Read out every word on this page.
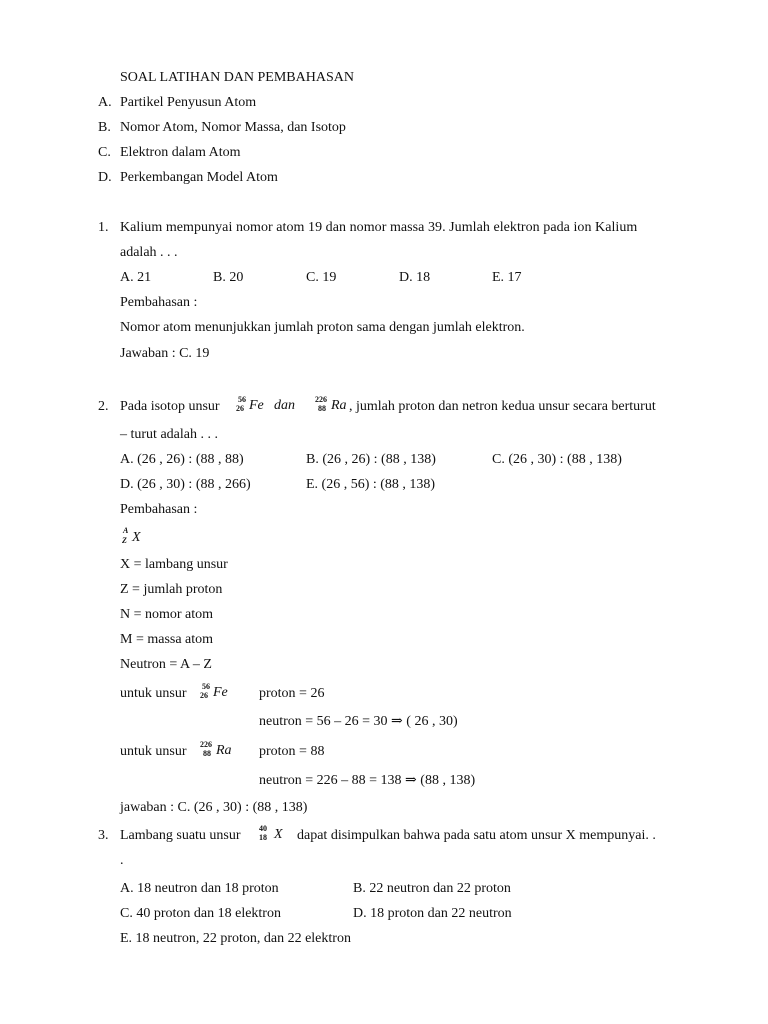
SOAL LATIHAN DAN PEMBAHASAN
A. Partikel Penyusun Atom
B. Nomor Atom, Nomor Massa, dan Isotop
C. Elektron dalam Atom
D. Perkembangan Model Atom
1. Kalium mempunyai nomor atom 19 dan nomor massa 39. Jumlah elektron pada ion Kalium
adalah . . .
A. 21	B. 20	C. 19	D. 18	E. 17
Pembahasan :
Nomor atom menunjukkan jumlah proton sama dengan jumlah elektron.
Jawaban : C. 19
2. Pada isotop unsur 56
26 Fe dan	226
88 Ra , jumlah proton dan netron kedua unsur secara berturut
– turut adalah . . .
A. (26 , 26) : (88 , 88)	B. (26 , 26) : (88 , 138)	C. (26 , 30) : (88 , 138)
D. (26 , 30) : (88 , 266)	E. (26 , 56) : (88 , 138)
Pembahasan :
A
Z X
X = lambang unsur
Z = jumlah proton
N = nomor atom
M = massa atom
Neutron = A – Z
untuk unsur 56
26 Fe proton = 26
neutron = 56 – 26 = 30 ⇒ ( 26 , 30)
untuk unsur 226
88 Ra proton = 88
neutron = 226 – 88 = 138 ⇒ (88 , 138)
jawaban : C. (26 , 30) : (88 , 138)
3. Lambang suatu unsur 40
18 X dapat disimpulkan bahwa pada satu atom unsur X mempunyai. .
.
A. 18 neutron dan 18 proton	B. 22 neutron dan 22 proton
C. 40 proton dan 18 elektron	D. 18 proton dan 22 neutron
E. 18 neutron, 22 proton, dan 22 elektron
